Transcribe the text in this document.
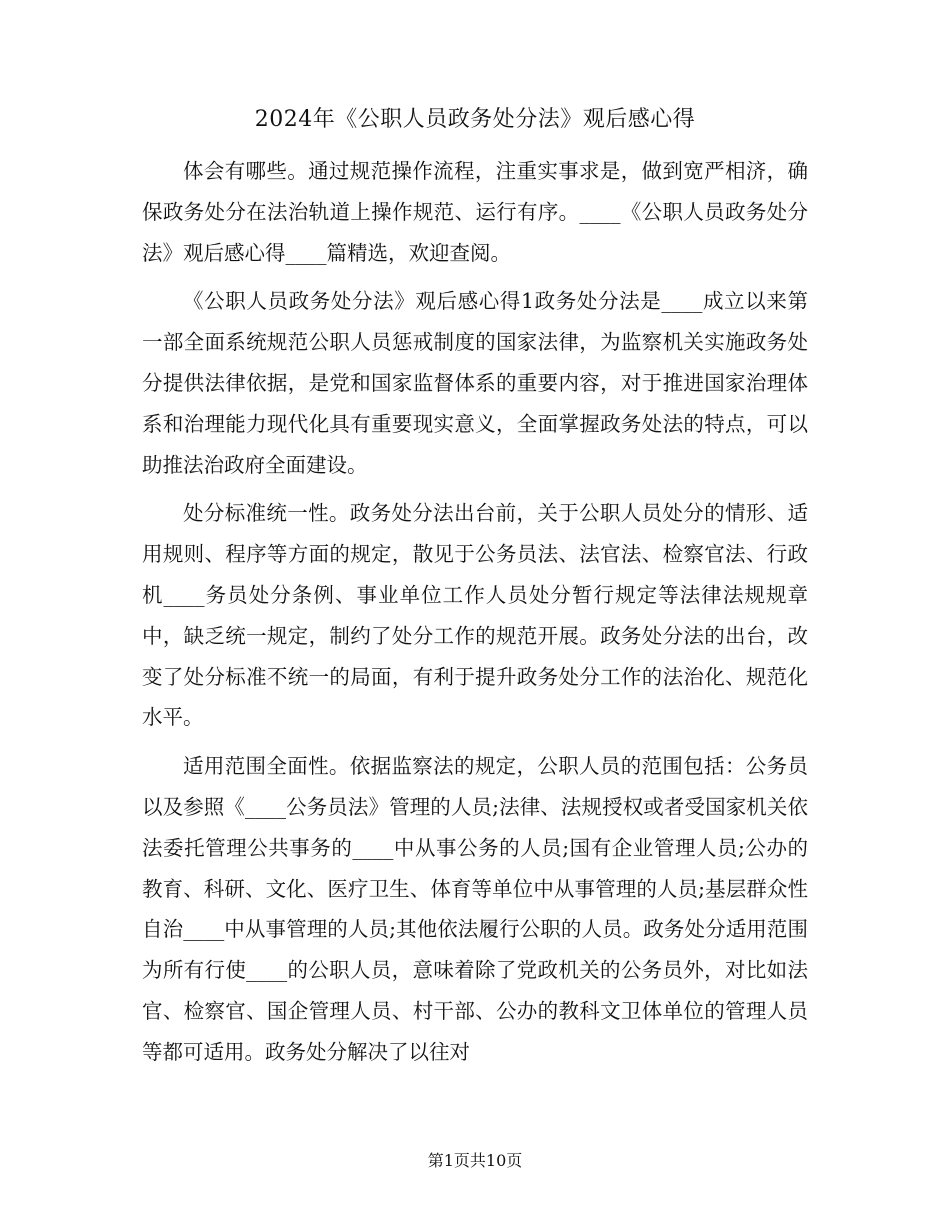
2024年《公职人员政务处分法》观后感心得

体会有哪些。通过规范操作流程，注重实事求是，做到宽严相济，确保政务处分在法治轨道上操作规范、运行有序。____《公职人员政务处分法》观后感心得____篇精选，欢迎查阅。

《公职人员政务处分法》观后感心得1政务处分法是____成立以来第一部全面系统规范公职人员惩戒制度的国家法律，为监察机关实施政务处分提供法律依据，是党和国家监督体系的重要内容，对于推进国家治理体系和治理能力现代化具有重要现实意义，全面掌握政务处法的特点，可以助推法治政府全面建设。

处分标准统一性。政务处分法出台前，关于公职人员处分的情形、适用规则、程序等方面的规定，散见于公务员法、法官法、检察官法、行政机____务员处分条例、事业单位工作人员处分暂行规定等法律法规规章中，缺乏统一规定，制约了处分工作的规范开展。政务处分法的出台，改变了处分标准不统一的局面，有利于提升政务处分工作的法治化、规范化水平。

适用范围全面性。依据监察法的规定，公职人员的范围包括：公务员以及参照《____公务员法》管理的人员;法律、法规授权或者受国家机关依法委托管理公共事务的____中从事公务的人员;国有企业管理人员;公办的教育、科研、文化、医疗卫生、体育等单位中从事管理的人员;基层群众性自治____中从事管理的人员;其他依法履行公职的人员。政务处分适用范围为所有行使____的公职人员，意味着除了党政机关的公务员外，对比如法官、检察官、国企管理人员、村干部、公办的教科文卫体单位的管理人员等都可适用。政务处分解决了以往对

第1页共10页
